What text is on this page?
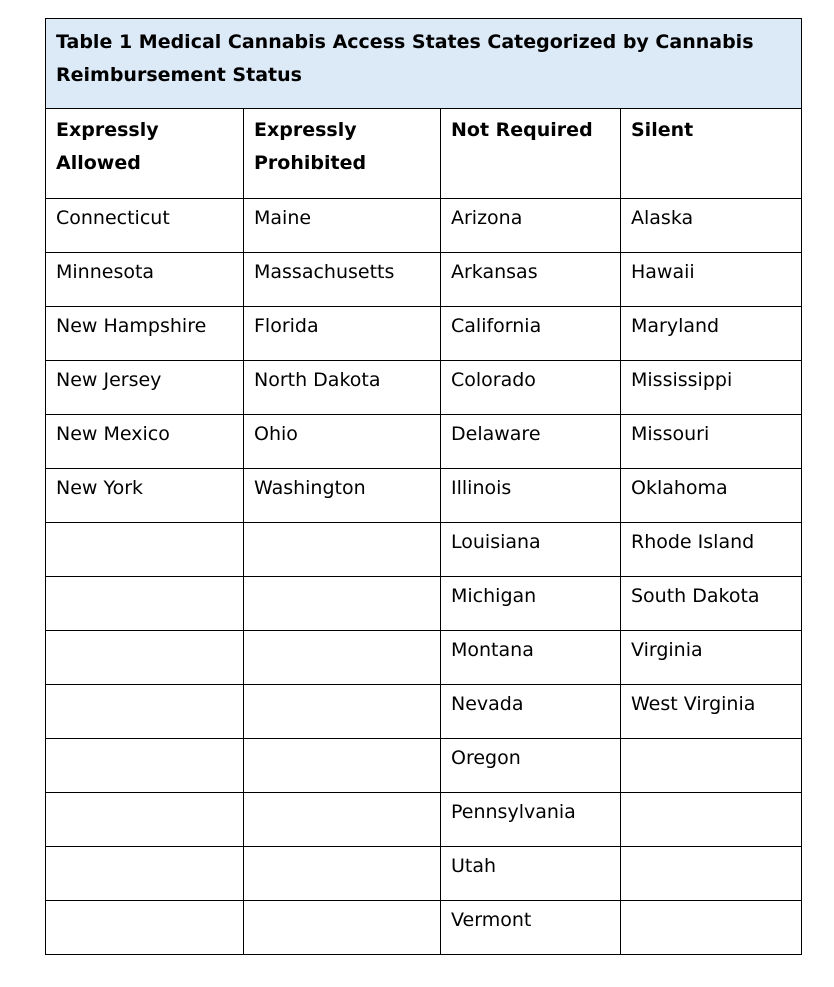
Table 1 Medical Cannabis Access States Categorized by Cannabis Reimbursement Status			
Expressly Allowed	Expressly Prohibited	Not Required	Silent
Connecticut	Maine	Arizona	Alaska
Minnesota	Massachusetts	Arkansas	Hawaii
New Hampshire	Florida	California	Maryland
New Jersey	North Dakota	Colorado	Mississippi
New Mexico	Ohio	Delaware	Missouri
New York	Washington	Illinois	Oklahoma
		Louisiana	Rhode Island
		Michigan	South Dakota
		Montana	Virginia
		Nevada	West Virginia
		Oregon	
		Pennsylvania	
		Utah	
		Vermont	
